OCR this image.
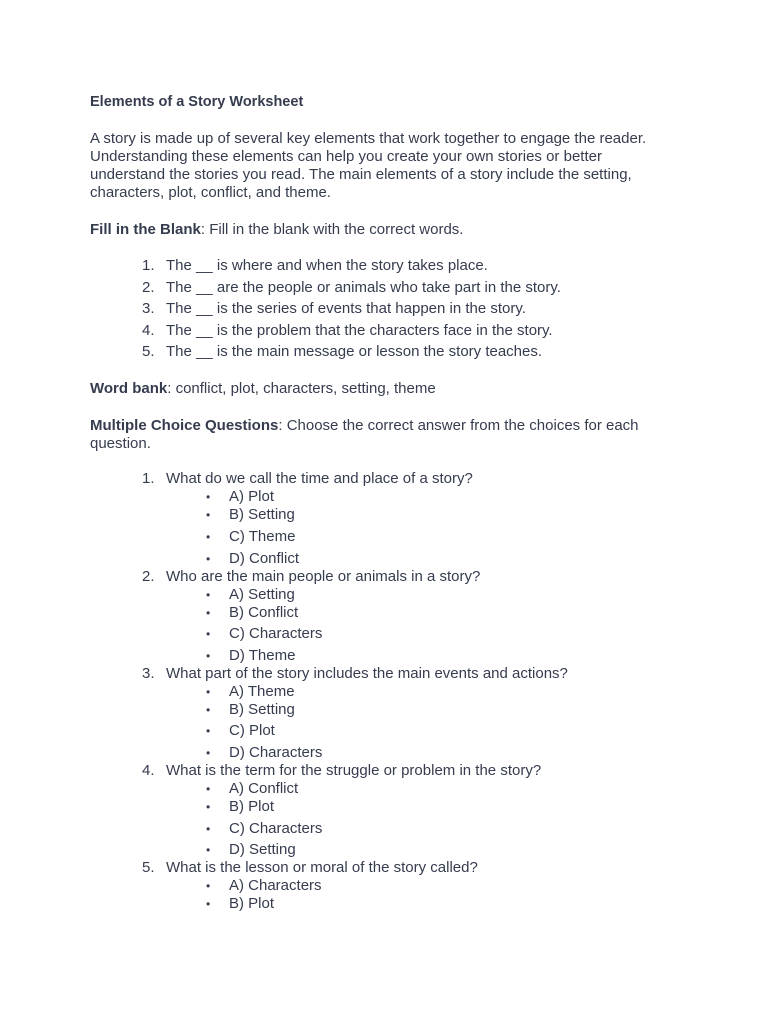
Elements of a Story Worksheet

A story is made up of several key elements that work together to engage the reader. Understanding these elements can help you create your own stories or better understand the stories you read. The main elements of a story include the setting, characters, plot, conflict, and theme.

Fill in the Blank: Fill in the blank with the correct words.

1. The __ is where and when the story takes place.
2. The __ are the people or animals who take part in the story.
3. The __ is the series of events that happen in the story.
4. The __ is the problem that the characters face in the story.
5. The __ is the main message or lesson the story teaches.

Word bank: conflict, plot, characters, setting, theme

Multiple Choice Questions: Choose the correct answer from the choices for each question.

1. What do we call the time and place of a story?
• A) Plot
• B) Setting
• C) Theme
• D) Conflict
2. Who are the main people or animals in a story?
• A) Setting
• B) Conflict
• C) Characters
• D) Theme
3. What part of the story includes the main events and actions?
• A) Theme
• B) Setting
• C) Plot
• D) Characters
4. What is the term for the struggle or problem in the story?
• A) Conflict
• B) Plot
• C) Characters
• D) Setting
5. What is the lesson or moral of the story called?
• A) Characters
• B) Plot
